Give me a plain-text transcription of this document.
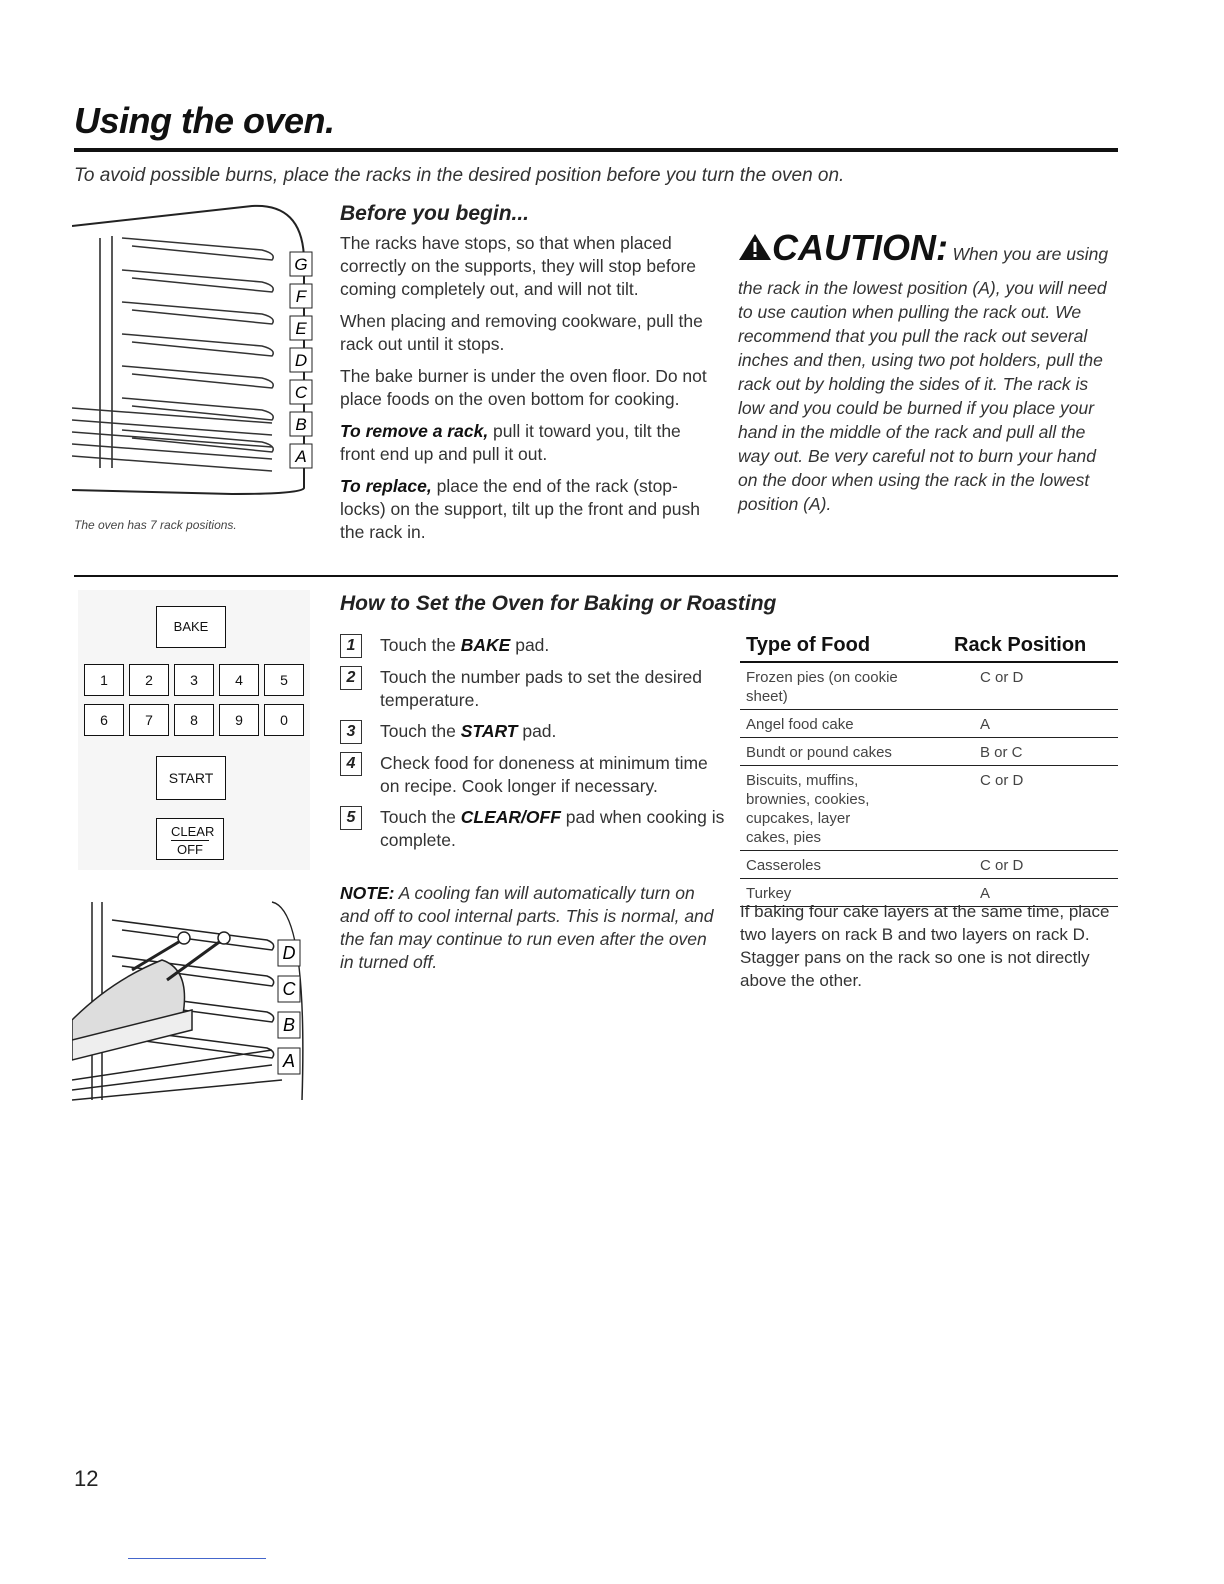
Using the oven.
To avoid possible burns, place the racks in the desired position before you turn the oven on.
G
F
E
D
C
B
A
The oven has 7 rack positions.
Before you begin...

The racks have stops, so that when placed correctly on the supports, they will stop before coming completely out, and will not tilt.

When placing and removing cookware, pull the rack out until it stops.

The bake burner is under the oven floor. Do not place foods on the oven bottom for cooking.

To remove a rack, pull it toward you, tilt the front end up and pull it out.

To replace, place the end of the rack (stop-locks) on the support, tilt up the front and push the rack in.

CAUTION: When you are using
the rack in the lowest position (A), you will need to use caution when pulling the rack out. We recommend that you pull the rack out several inches and then, using two pot holders, pull the rack out by holding the sides of it. The rack is low and you could be burned if you place your hand in the middle of the rack and pull all the way out. Be very careful not to burn your hand on the door when using the rack in the lowest position (A).
BAKE
1	2	3	4	5
6	7	8	9	0
START
CLEAR
OFF
D
C
B
A
How to Set the Oven for Baking or Roasting
1	Touch the BAKE pad.
2	Touch the number pads to set the desired temperature.
3	Touch the START pad.
4	Check food for doneness at minimum time on recipe. Cook longer if necessary.
5	Touch the CLEAR/OFF pad when cooking is complete.
NOTE: A cooling fan will automatically turn on and off to cool internal parts. This is normal, and the fan may continue to run even after the oven in turned off.
Type of Food	Rack Position
Frozen pies (on cookie sheet)	C or D
Angel food cake	A
Bundt or pound cakes	B or C
Biscuits, muffins, brownies, cookies, cupcakes, layer cakes, pies	C or D
Casseroles	C or D
Turkey	A
If baking four cake layers at the same time, place two layers on rack B and two layers on rack D. Stagger pans on the rack so one is not directly above the other.
12
